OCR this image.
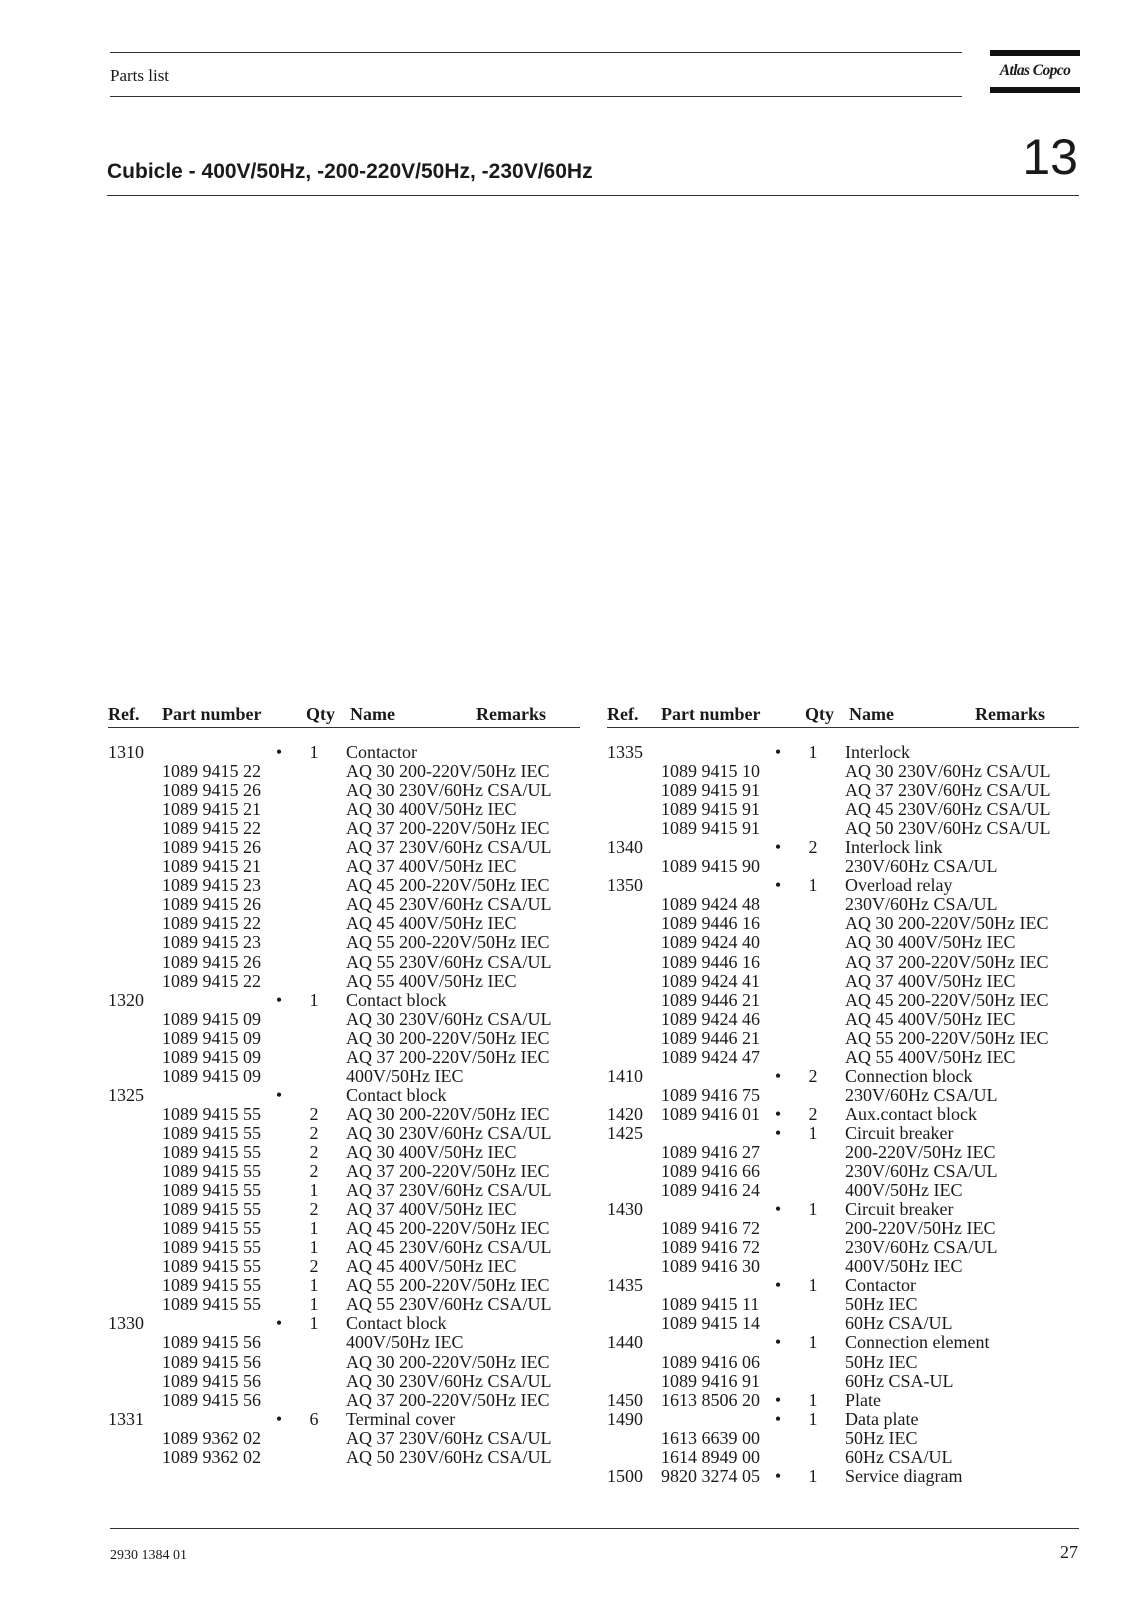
Parts list	Atlas Copco
Cubicle - 400V/50Hz, -200-220V/50Hz, -230V/60Hz	13
Ref. Part number Qty Name	Remarks
1310	• 1 Contactor
1089 9415 22	AQ 30 200-220V/50Hz IEC
1089 9415 26	AQ 30 230V/60Hz CSA/UL
1089 9415 21	AQ 30 400V/50Hz IEC
1089 9415 22	AQ 37 200-220V/50Hz IEC
1089 9415 26	AQ 37 230V/60Hz CSA/UL
1089 9415 21	AQ 37 400V/50Hz IEC
1089 9415 23	AQ 45 200-220V/50Hz IEC
1089 9415 26	AQ 45 230V/60Hz CSA/UL
1089 9415 22	AQ 45 400V/50Hz IEC
1089 9415 23	AQ 55 200-220V/50Hz IEC
1089 9415 26	AQ 55 230V/60Hz CSA/UL
1089 9415 22	AQ 55 400V/50Hz IEC
1320	• 1 Contact block
1089 9415 09	AQ 30 230V/60Hz CSA/UL
1089 9415 09	AQ 30 200-220V/50Hz IEC
1089 9415 09	AQ 37 200-220V/50Hz IEC
1089 9415 09	400V/50Hz IEC
1325	•	Contact block
1089 9415 55	2 AQ 30 200-220V/50Hz IEC
1089 9415 55	2 AQ 30 230V/60Hz CSA/UL
1089 9415 55	2 AQ 30 400V/50Hz IEC
1089 9415 55	2 AQ 37 200-220V/50Hz IEC
1089 9415 55	1 AQ 37 230V/60Hz CSA/UL
1089 9415 55	2 AQ 37 400V/50Hz IEC
1089 9415 55	1 AQ 45 200-220V/50Hz IEC
1089 9415 55	1 AQ 45 230V/60Hz CSA/UL
1089 9415 55	2 AQ 45 400V/50Hz IEC
1089 9415 55	1 AQ 55 200-220V/50Hz IEC
1089 9415 55	1 AQ 55 230V/60Hz CSA/UL
1330	• 1 Contact block
1089 9415 56	400V/50Hz IEC
1089 9415 56	AQ 30 200-220V/50Hz IEC
1089 9415 56	AQ 30 230V/60Hz CSA/UL
1089 9415 56	AQ 37 200-220V/50Hz IEC
1331	• 6 Terminal cover
1089 9362 02	AQ 37 230V/60Hz CSA/UL
1089 9362 02	AQ 50 230V/60Hz CSA/UL
Ref. Part number Qty Name	Remarks
1335	• 1 Interlock
1089 9415 10	AQ 30 230V/60Hz CSA/UL
1089 9415 91	AQ 37 230V/60Hz CSA/UL
1089 9415 91	AQ 45 230V/60Hz CSA/UL
1089 9415 91	AQ 50 230V/60Hz CSA/UL
1340	• 2 Interlock link
1089 9415 90	230V/60Hz CSA/UL
1350	• 1 Overload relay
1089 9424 48	230V/60Hz CSA/UL
1089 9446 16	AQ 30 200-220V/50Hz IEC
1089 9424 40	AQ 30 400V/50Hz IEC
1089 9446 16	AQ 37 200-220V/50Hz IEC
1089 9424 41	AQ 37 400V/50Hz IEC
1089 9446 21	AQ 45 200-220V/50Hz IEC
1089 9424 46	AQ 45 400V/50Hz IEC
1089 9446 21	AQ 55 200-220V/50Hz IEC
1089 9424 47	AQ 55 400V/50Hz IEC
1410	• 2 Connection block
1089 9416 75	230V/60Hz CSA/UL
1420 1089 9416 01 • 2 Aux.contact block
1425	• 1 Circuit breaker
1089 9416 27	200-220V/50Hz IEC
1089 9416 66	230V/60Hz CSA/UL
1089 9416 24	400V/50Hz IEC
1430	• 1 Circuit breaker
1089 9416 72	200-220V/50Hz IEC
1089 9416 72	230V/60Hz CSA/UL
1089 9416 30	400V/50Hz IEC
1435	• 1 Contactor
1089 9415 11	50Hz IEC
1089 9415 14	60Hz CSA/UL
1440	• 1 Connection element
1089 9416 06	50Hz IEC
1089 9416 91	60Hz CSA-UL
1450 1613 8506 20 • 1 Plate
1490	• 1 Data plate
1613 6639 00	50Hz IEC
1614 8949 00	60Hz CSA/UL
1500 9820 3274 05 • 1 Service diagram
2930 1384 01	27
